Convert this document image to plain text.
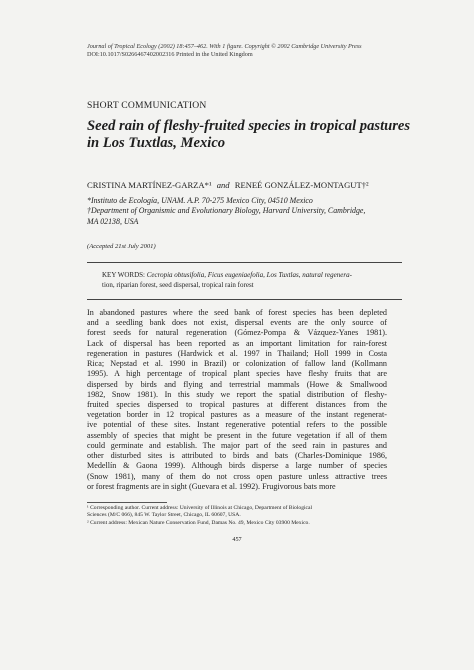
Journal of Tropical Ecology (2002) 18:457–462. With 1 figure. Copyright © 2002 Cambridge University Press
DOI:10.1017/S0266467402002316 Printed in the United Kingdom
SHORT COMMUNICATION
Seed rain of fleshy-fruited species in tropical pastures in Los Tuxtlas, Mexico
CRISTINA MARTÍNEZ-GARZA*¹ and RENEÉ GONZÁLEZ-MONTAGUT†²

*Instituto de Ecología, UNAM. A.P. 70-275 Mexico City, 04510 Mexico

†Department of Organismic and Evolutionary Biology, Harvard University, Cambridge,

MA 02138, USA

(Accepted 21st July 2001)
KEY WORDS: Cecropia obtusifolia, Ficus eugeniaefolia, Los Tuxtlas, natural regenera-
tion, riparian forest, seed dispersal, tropical rain forest
In abandoned pastures where the seed bank of forest species has been depleted
and a seedling bank does not exist, dispersal events are the only source of
forest seeds for natural regeneration (Gómez-Pompa & Vázquez-Yanes 1981).
Lack of dispersal has been reported as an important limitation for rain-forest
regeneration in pastures (Hardwick et al. 1997 in Thailand; Holl 1999 in Costa
Rica; Nepstad et al. 1990 in Brazil) or colonization of fallow land (Kollmann
1995). A high percentage of tropical plant species have fleshy fruits that are
dispersed by birds and flying and terrestrial mammals (Howe & Smallwood
1982, Snow 1981). In this study we report the spatial distribution of fleshy-
fruited species dispersed to tropical pastures at different distances from the
vegetation border in 12 tropical pastures as a measure of the instant regenerat-
ive potential of these sites. Instant regenerative potential refers to the possible
assembly of species that might be present in the future vegetation if all of them
could germinate and establish. The major part of the seed rain in pastures and
other disturbed sites is attributed to birds and bats (Charles-Dominique 1986,
Medellín & Gaona 1999). Although birds disperse a large number of species
(Snow 1981), many of them do not cross open pasture unless attractive trees
or forest fragments are in sight (Guevara et al. 1992). Frugivorous bats more

¹ Corresponding author. Current address: University of Illinois at Chicago, Department of Biological

Sciences (M/C 066), 845 W. Taylor Street, Chicago, IL 60607, USA.

² Current address: Mexican Nature Conservation Fund, Damas No. 49, Mexico City 03900 Mexico.

457
